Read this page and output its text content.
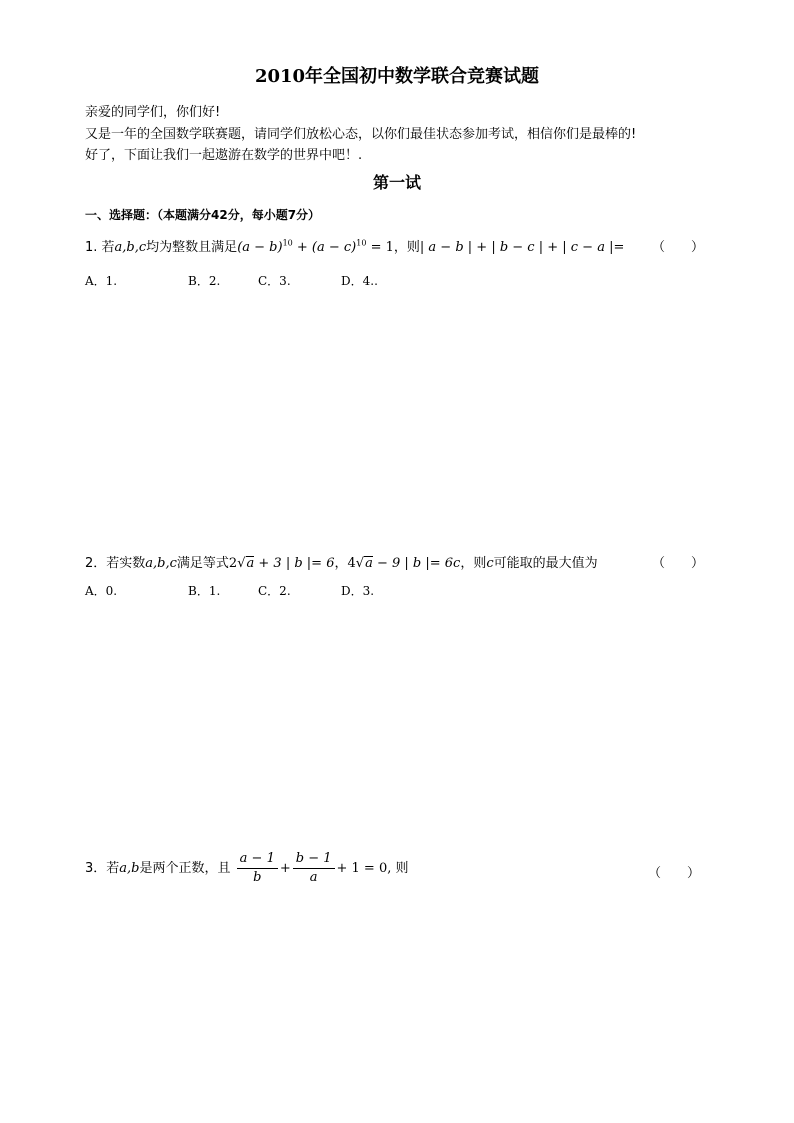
2010年全国初中数学联合竞赛试题
亲爱的同学们，你们好!
又是一年的全国数学联赛题，请同学们放松心态，以你们最佳状态参加考试，相信你们是最棒的!
好了，下面让我们一起遨游在数学的世界中吧！.
第一试
一、选择题：（本题满分42分，每小题7分）
1. 若a,b,c均为整数且满足$(a - b)^{10} + (a - c)^{10} = 1$，则| a − b | + | b − c | + | c − a |= （　　）
A．1.	B．2.	C．3.	D．4..
2．若实数a,b,c满足等式2√a + 3 | b |= 6，4√a − 9 | b |= 6c，则c可能取的最大值为	（　　）
A．0.	B．1.	C．2.	D．3.
3．若a,b是两个正数，且 $\frac{a - 1}{b} + \frac{b - 1}{a} + 1 = 0$, 则	（　　）
